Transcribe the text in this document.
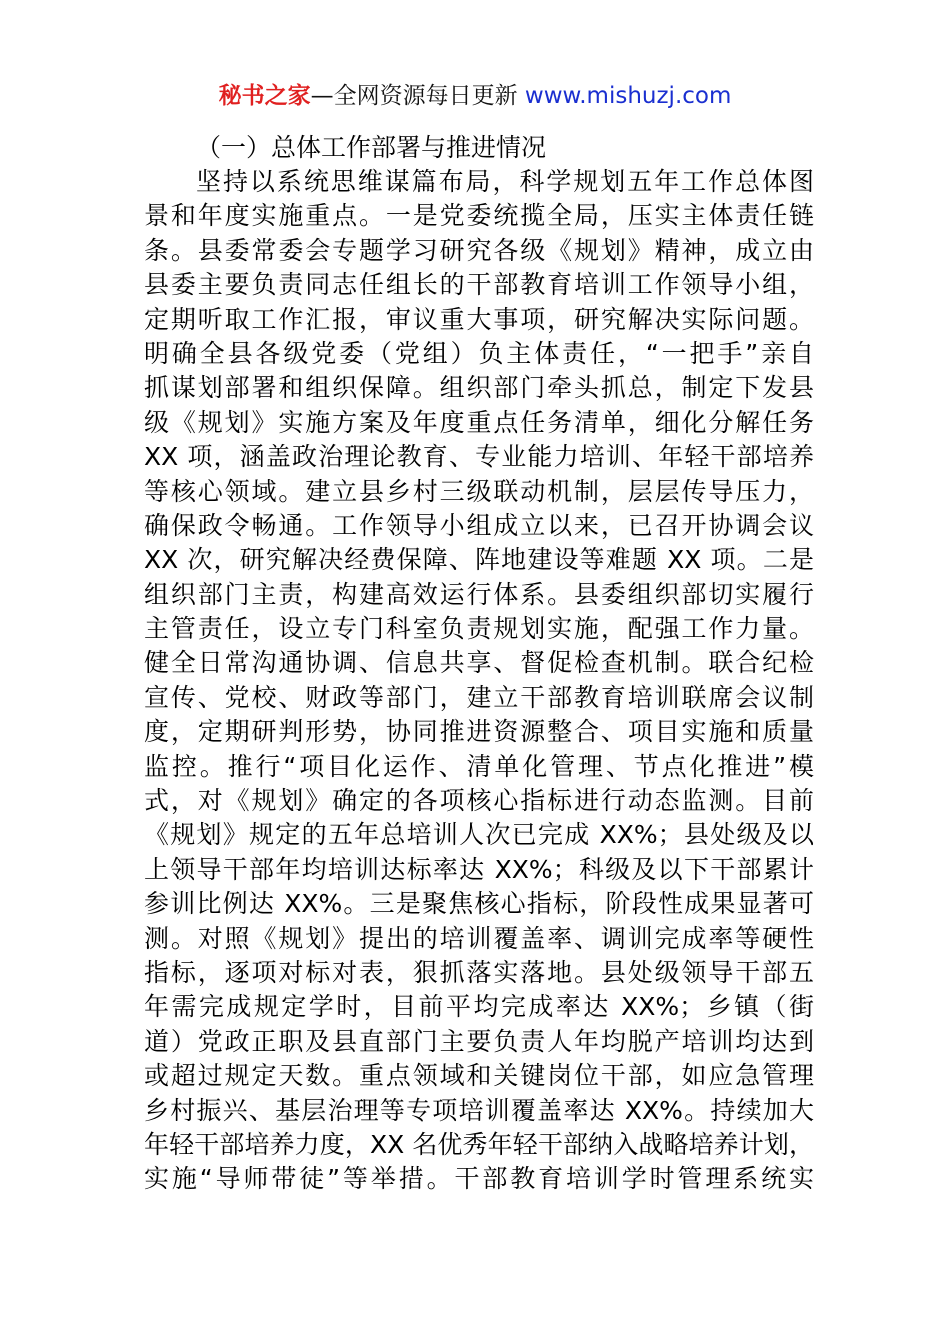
秘书之家—全网资源每日更新 www.mishuzj.com
（一）总体工作部署与推进情况
坚持以系统思维谋篇布局，科学规划五年工作总体图
景和年度实施重点。一是党委统揽全局，压实主体责任链
条。县委常委会专题学习研究各级《规划》精神，成立由
县委主要负责同志任组长的干部教育培训工作领导小组，
定期听取工作汇报，审议重大事项，研究解决实际问题。
明确全县各级党委（党组）负主体责任，“一把手”亲自
抓谋划部署和组织保障。组织部门牵头抓总，制定下发县
级《规划》实施方案及年度重点任务清单，细化分解任务
XX 项，涵盖政治理论教育、专业能力培训、年轻干部培养
等核心领域。建立县乡村三级联动机制，层层传导压力，
确保政令畅通。工作领导小组成立以来，已召开协调会议
XX 次，研究解决经费保障、阵地建设等难题 XX 项。二是
组织部门主责，构建高效运行体系。县委组织部切实履行
主管责任，设立专门科室负责规划实施，配强工作力量。
健全日常沟通协调、信息共享、督促检查机制。联合纪检
宣传、党校、财政等部门，建立干部教育培训联席会议制
度，定期研判形势，协同推进资源整合、项目实施和质量
监控。推行“项目化运作、清单化管理、节点化推进”模
式，对《规划》确定的各项核心指标进行动态监测。目前
《规划》规定的五年总培训人次已完成 XX%；县处级及以
上领导干部年均培训达标率达 XX%；科级及以下干部累计
参训比例达 XX%。三是聚焦核心指标，阶段性成果显著可
测。对照《规划》提出的培训覆盖率、调训完成率等硬性
指标，逐项对标对表，狠抓落实落地。县处级领导干部五
年需完成规定学时，目前平均完成率达 XX%；乡镇（街
道）党政正职及县直部门主要负责人年均脱产培训均达到
或超过规定天数。重点领域和关键岗位干部，如应急管理
乡村振兴、基层治理等专项培训覆盖率达 XX%。持续加大
年轻干部培养力度，XX 名优秀年轻干部纳入战略培养计划，
实施“导师带徒”等举措。干部教育培训学时管理系统实
